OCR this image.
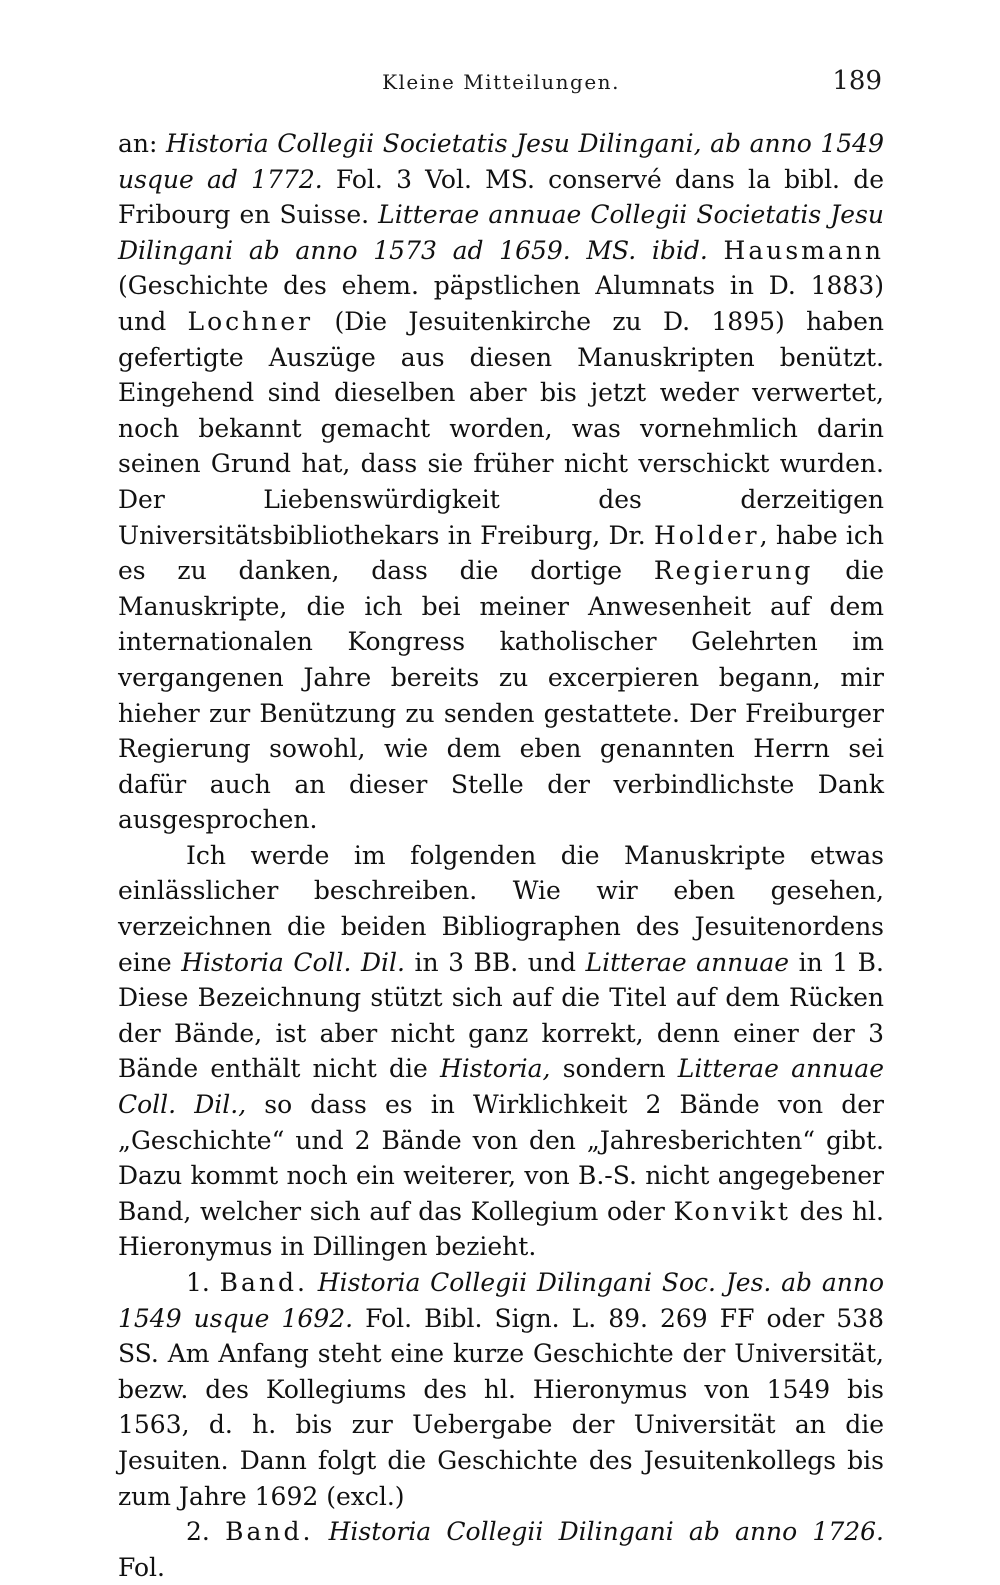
Kleine Mitteilungen.	189

an: Historia Collegii Societatis Jesu Dilingani, ab anno 1549 usque ad 1772. Fol. 3 Vol. MS. conservé dans la bibl. de Fribourg en Suisse. Litterae annuae Collegii Societatis Jesu Dilingani ab anno 1573 ad 1659. MS. ibid. Hausmann (Geschichte des ehem. päpstlichen Alumnats in D. 1883) und Lochner (Die Jesuitenkirche zu D. 1895) haben gefertigte Auszüge aus diesen Manuskripten benützt. Eingehend sind dieselben aber bis jetzt weder verwertet, noch bekannt gemacht worden, was vornehmlich darin seinen Grund hat, dass sie früher nicht verschickt wurden. Der Liebenswürdigkeit des derzeitigen Universitätsbibliothekars in Freiburg, Dr. Holder, habe ich es zu danken, dass die dortige Regierung die Manuskripte, die ich bei meiner Anwesenheit auf dem internationalen Kongress katholischer Gelehrten im vergangenen Jahre bereits zu excerpieren begann, mir hieher zur Benützung zu senden gestattete. Der Freiburger Regierung sowohl, wie dem eben genannten Herrn sei dafür auch an dieser Stelle der verbindlichste Dank ausgesprochen.

Ich werde im folgenden die Manuskripte etwas einlässlicher beschreiben. Wie wir eben gesehen, verzeichnen die beiden Bibliographen des Jesuitenordens eine Historia Coll. Dil. in 3 BB. und Litterae annuae in 1 B. Diese Bezeichnung stützt sich auf die Titel auf dem Rücken der Bände, ist aber nicht ganz korrekt, denn einer der 3 Bände enthält nicht die Historia, sondern Litterae annuae Coll. Dil., so dass es in Wirklichkeit 2 Bände von der „Geschichte“ und 2 Bände von den „Jahresberichten“ gibt. Dazu kommt noch ein weiterer, von B.-S. nicht angegebener Band, welcher sich auf das Kollegium oder Konvikt des hl. Hieronymus in Dillingen bezieht.

1. Band. Historia Collegii Dilingani Soc. Jes. ab anno 1549 usque 1692. Fol. Bibl. Sign. L. 89. 269 FF oder 538 SS. Am Anfang steht eine kurze Geschichte der Universität, bezw. des Kollegiums des hl. Hieronymus von 1549 bis 1563, d. h. bis zur Uebergabe der Universität an die Jesuiten. Dann folgt die Geschichte des Jesuitenkollegs bis zum Jahre 1692 (excl.)

2. Band. Historia Collegii Dilingani ab anno 1726. Fol.
